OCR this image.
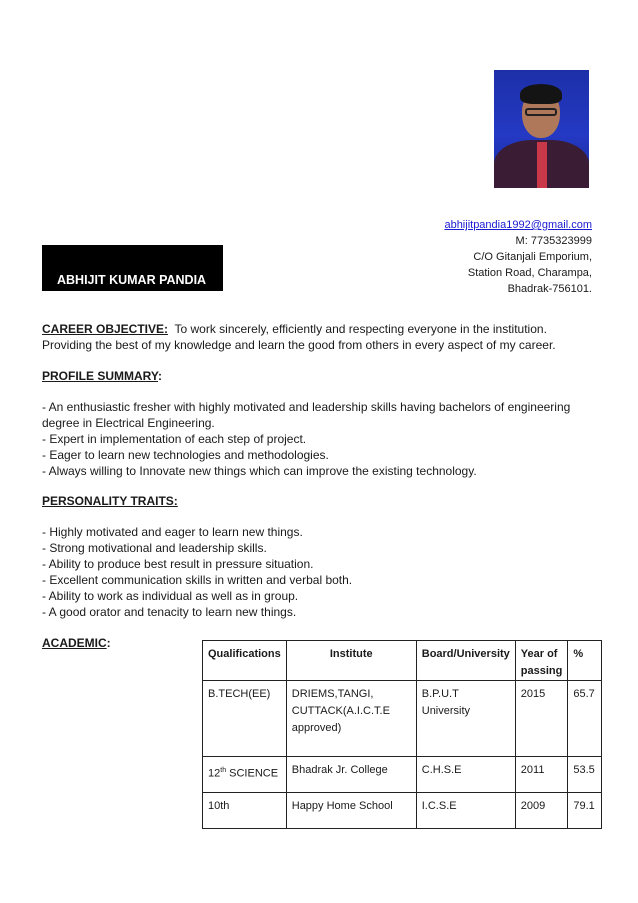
abhijitpandia1992@gmail.com
M: 7735323999
C/O Gitanjali Emporium,
Station Road, Charampa,
Bhadrak-756101.
ABHIJIT KUMAR PANDIA

CAREER OBJECTIVE: To work sincerely, efficiently and respecting everyone in the institution. Providing the best of my knowledge and learn the good from others in every aspect of my career.

PROFILE SUMMARY:

- An enthusiastic fresher with highly motivated and leadership skills having bachelors of engineering degree in Electrical Engineering.

- Expert in implementation of each step of project.

- Eager to learn new technologies and methodologies.

- Always willing to Innovate new things which can improve the existing technology.

PERSONALITY TRAITS:

- Highly motivated and eager to learn new things.

- Strong motivational and leadership skills.

- Ability to produce best result in pressure situation.

- Excellent communication skills in written and verbal both.

- Ability to work as individual as well as in group.

- A good orator and tenacity to learn new things.

ACADEMIC:

Qualifications	Institute	Board/University	Year of passing	%
B.TECH(EE)	DRIEMS,TANGI, CUTTACK(A.I.C.T.E approved)	B.P.U.T University	2015	65.7
12th SCIENCE	Bhadrak Jr. College	C.H.S.E	2011	53.5
10th	Happy Home School	I.C.S.E	2009	79.1
